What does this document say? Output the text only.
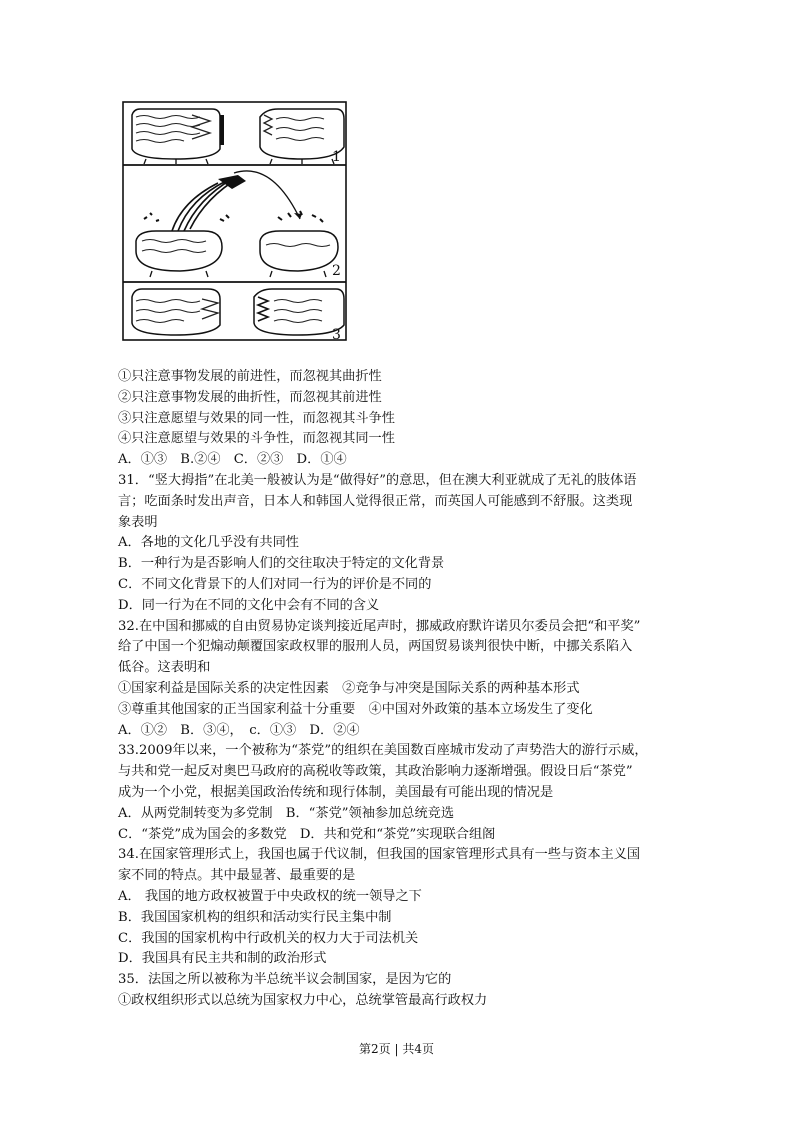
1
2
3
①只注意事物发展的前进性，而忽视其曲折性
②只注意事物发展的曲折性，而忽视其前进性
③只注意愿望与效果的同一性，而忽视其斗争性
④只注意愿望与效果的斗争性，而忽视其同一性
A．①③　B.②④　C．②③　D．①④
31．“竖大拇指”在北美一般被认为是“做得好”的意思，但在澳大利亚就成了无礼的肢体语
言；吃面条时发出声音，日本人和韩国人觉得很正常，而英国人可能感到不舒服。这类现
象表明
A．各地的文化几乎没有共同性
B．一种行为是否影响人们的交往取决于特定的文化背景
C．不同文化背景下的人们对同一行为的评价是不同的
D．同一行为在不同的文化中会有不同的含义
32.在中国和挪威的自由贸易协定谈判接近尾声时，挪威政府默许诺贝尔委员会把“和平奖”
给了中国一个犯煽动颠覆国家政权罪的服刑人员，两国贸易谈判很快中断，中挪关系陷入
低谷。这表明和
①国家利益是国际关系的决定性因素　②竞争与冲突是国际关系的两种基本形式
③尊重其他国家的正当国家利益十分重要　④中国对外政策的基本立场发生了变化
A．①②　B．③④，　c．①③　D．②④
33.2009年以来，一个被称为“茶党”的组织在美国数百座城市发动了声势浩大的游行示威，
与共和党一起反对奥巴马政府的高税收等政策，其政治影响力逐渐增强。假设日后“茶党”
成为一个小党，根据美国政治传统和现行体制，美国最有可能出现的情况是
A．从两党制转变为多党制　B．“茶党”领袖参加总统竞选
C．“茶党”成为国会的多数党　D．共和党和“茶党”实现联合组阁
34.在国家管理形式上，我国也属于代议制，但我国的国家管理形式具有一些与资本主义国
家不同的特点。其中最显著、最重要的是
A． 我国的地方政权被置于中央政权的统一领导之下
B．我国国家机构的组织和活动实行民主集中制
C．我国的国家机构中行政机关的权力大于司法机关
D．我国具有民主共和制的政治形式
35．法国之所以被称为半总统半议会制国家，是因为它的
①政权组织形式以总统为国家权力中心，总统掌管最高行政权力
第2页 | 共4页
